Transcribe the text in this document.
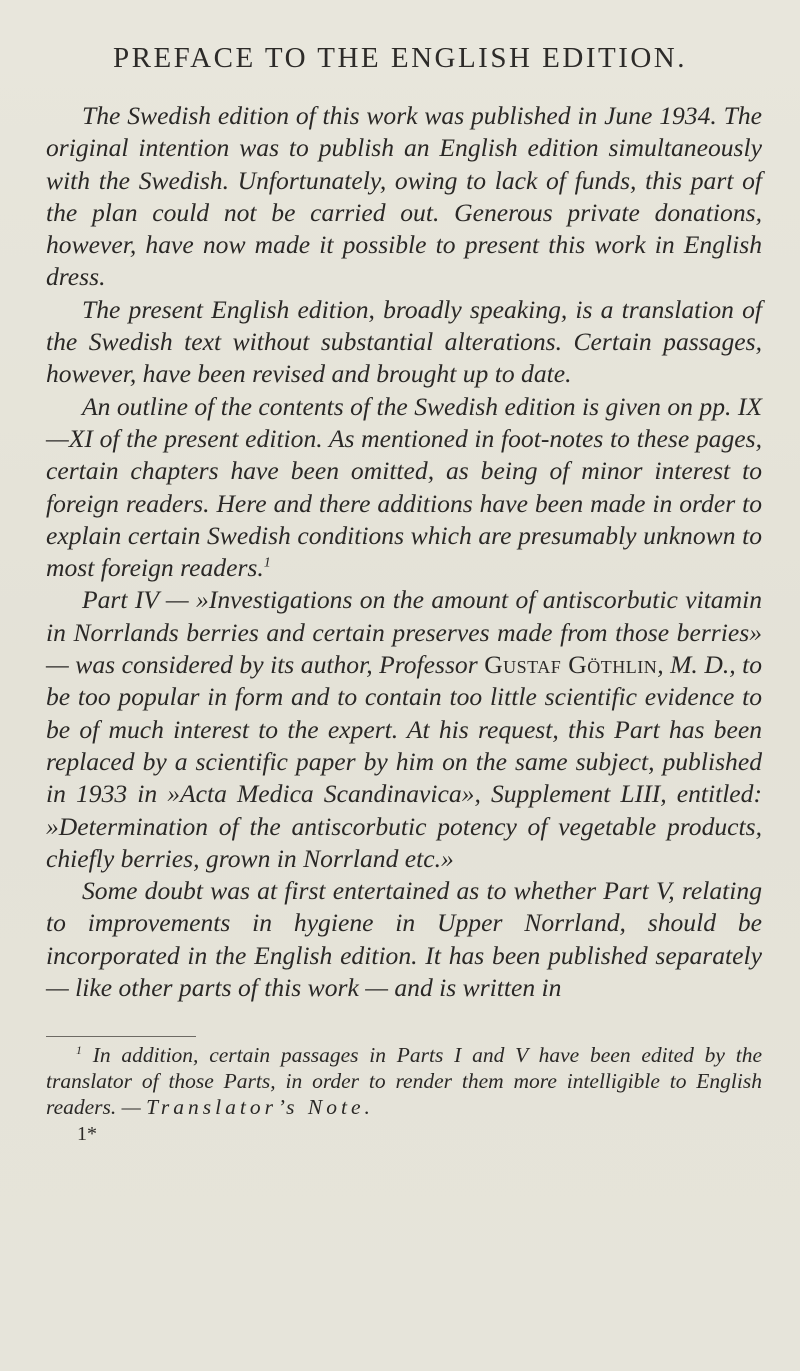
PREFACE TO THE ENGLISH EDITION.

The Swedish edition of this work was published in June 1934. The original intention was to publish an English edition simultaneously with the Swedish. Unfortunately, owing to lack of funds, this part of the plan could not be carried out. Generous private donations, however, have now made it possible to present this work in English dress.

The present English edition, broadly speaking, is a translation of the Swedish text without substantial alterations. Certain passages, however, have been revised and brought up to date.

An outline of the contents of the Swedish edition is given on pp. IX—XI of the present edition. As mentioned in foot-notes to these pages, certain chapters have been omitted, as being of minor interest to foreign readers. Here and there additions have been made in order to explain certain Swedish conditions which are presumably unknown to most foreign readers.$^1$

Part IV — »Investigations on the amount of antiscorbutic vitamin in Norrlands berries and certain preserves made from those berries» — was considered by its author, Professor Gustaf Göthlin, M. D., to be too popular in form and to contain too little scientific evidence to be of much interest to the expert. At his request, this Part has been replaced by a scientific paper by him on the same subject, published in 1933 in »Acta Medica Scandinavica», Supplement LIII, entitled: »Determination of the antiscorbutic potency of vegetable products, chiefly berries, grown in Norrland etc.»

Some doubt was at first entertained as to whether Part V, relating to improvements in hygiene in Upper Norrland, should be incorporated in the English edition. It has been published separately — like other parts of this work — and is written in

$^1$ In addition, certain passages in Parts I and V have been edited by the translator of those Parts, in order to render them more intelligible to English readers. — Translator’s Note.

1*
